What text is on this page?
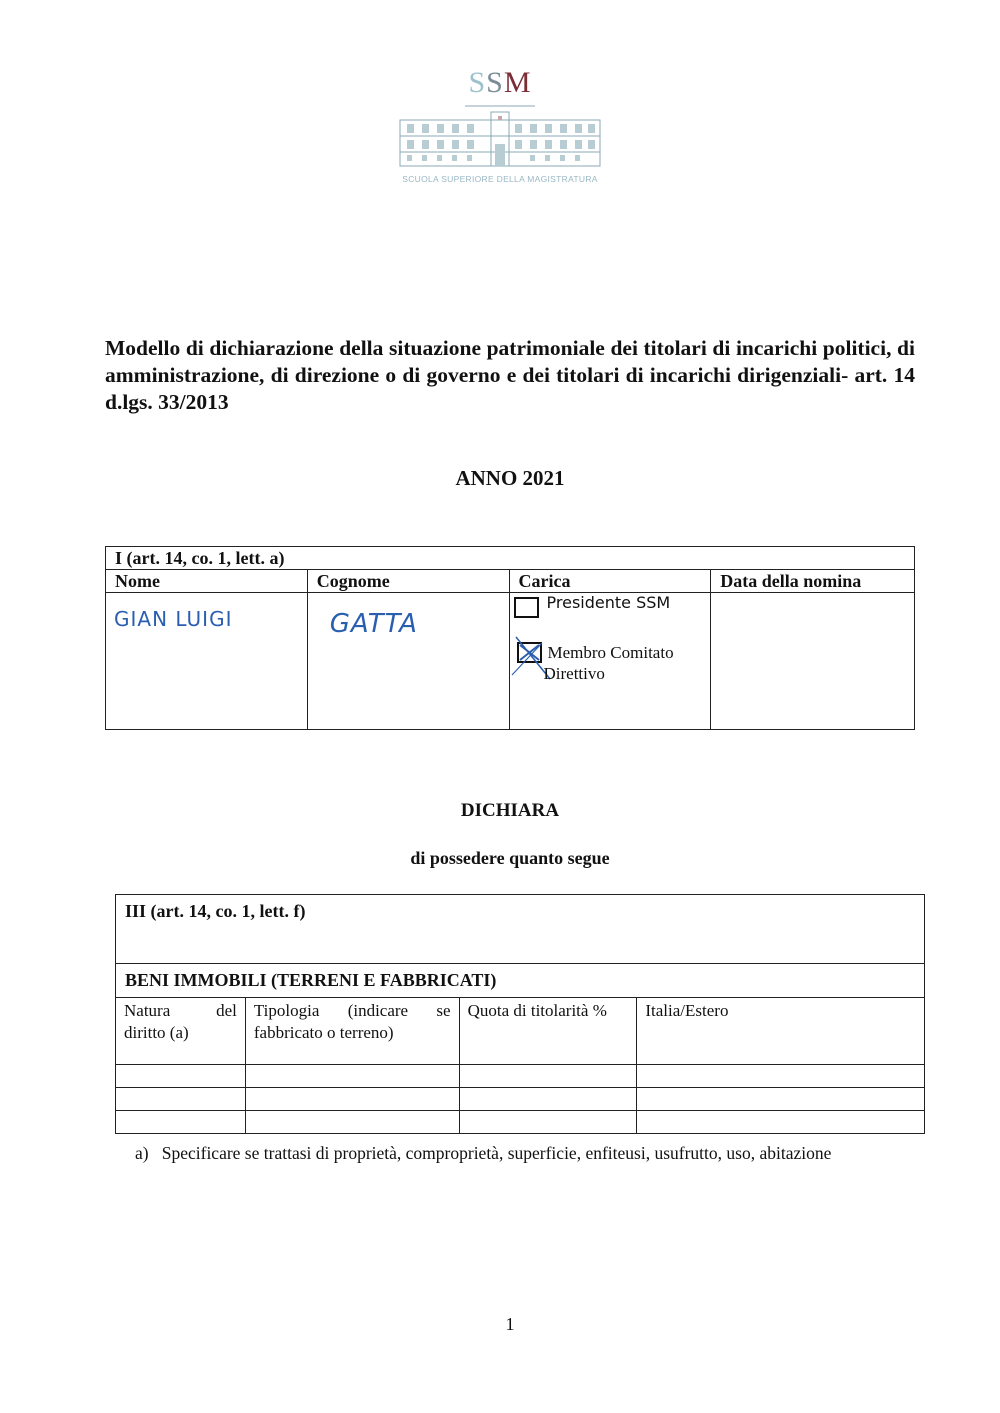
SSM
SCUOLA SUPERIORE DELLA MAGISTRATURA
Modello di dichiarazione della situazione patrimoniale dei titolari di incarichi politici, di amministrazione, di direzione o di governo e dei titolari di incarichi dirigenziali- art. 14 d.lgs. 33/2013
ANNO 2021
I (art. 14, co. 1, lett. a)			
Nome	Cognome	Carica	Data della nomina

GIAN LUIGI	GATTA	Presidente SSM
Membro Comitato
Direttivo	

DICHIARA
di possedere quanto segue
III (art. 14, co. 1, lett. f)			
BENI IMMOBILI (TERRENI E FABBRICATI)			
Natura del diritto (a)	Tipologia (indicare se fabbricato o terreno)	Quota di titolarità %	Italia/Estero

a) Specificare se trattasi di proprietà, comproprietà, superficie, enfiteusi, usufrutto, uso, abitazione
1
